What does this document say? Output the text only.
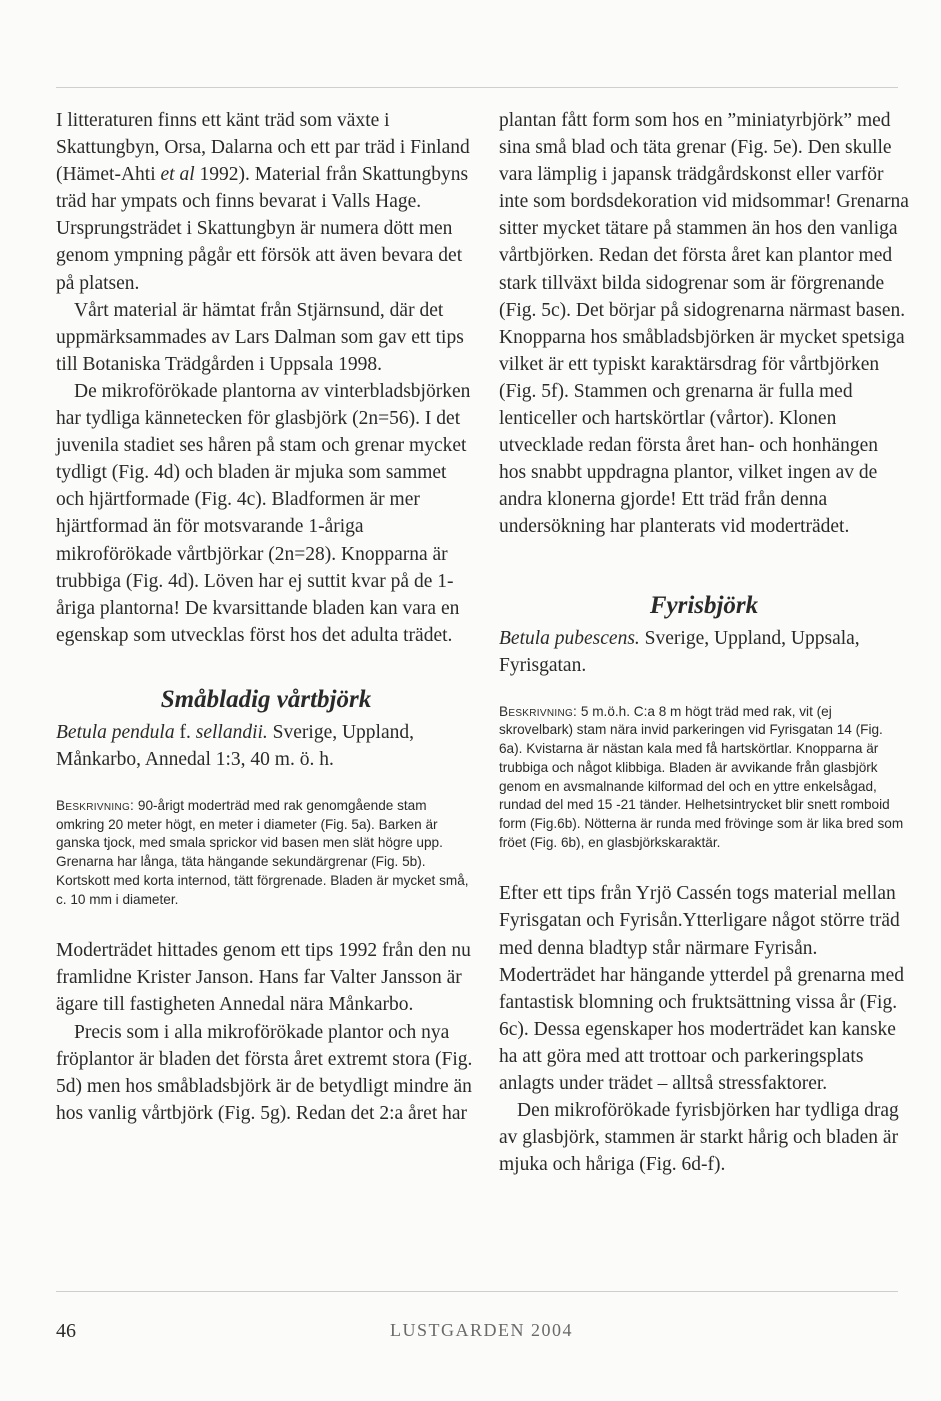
I litteraturen finns ett känt träd som växte i Skattungbyn, Orsa, Dalarna och ett par träd i Finland (Hämet-Ahti et al 1992). Material från Skattungbyns träd har ympats och finns bevarat i Valls Hage. Ursprungsträdet i Skattungbyn är numera dött men genom ympning pågår ett försök att även bevara det på platsen.

Vårt material är hämtat från Stjärnsund, där det uppmärksammades av Lars Dalman som gav ett tips till Botaniska Trädgården i Uppsala 1998.

De mikroförökade plantorna av vinterbladsbjörken har tydliga kännetecken för glasbjörk (2n=56). I det juvenila stadiet ses håren på stam och grenar mycket tydligt (Fig. 4d) och bladen är mjuka som sammet och hjärtformade (Fig. 4c). Bladformen är mer hjärtformad än för motsvarande 1-åriga mikroförökade vårtbjörkar (2n=28). Knopparna är trubbiga (Fig. 4d). Löven har ej suttit kvar på de 1-åriga plantorna! De kvarsittande bladen kan vara en egenskap som utvecklas först hos det adulta trädet.

Småbladig vårtbjörk

Betula pendula f. sellandii. Sverige, Uppland, Månkarbo, Annedal 1:3, 40 m. ö. h.

Beskrivning: 90-årigt moderträd med rak genomgående stam omkring 20 meter högt, en meter i diameter (Fig. 5a). Barken är ganska tjock, med smala sprickor vid basen men slät högre upp. Grenarna har långa, täta hängande sekundärgrenar (Fig. 5b). Kortskott med korta internod, tätt förgrenade. Bladen är mycket små, c. 10 mm i diameter.

Moderträdet hittades genom ett tips 1992 från den nu framlidne Krister Janson. Hans far Valter Jansson är ägare till fastigheten Annedal nära Månkarbo.

Precis som i alla mikroförökade plantor och nya fröplantor är bladen det första året extremt stora (Fig. 5d) men hos småbladsbjörk är de betydligt mindre än hos vanlig vårtbjörk (Fig. 5g). Redan det 2:a året har

plantan fått form som hos en ”miniatyrbjörk” med sina små blad och täta grenar (Fig. 5e). Den skulle vara lämplig i japansk trädgårdskonst eller varför inte som bordsdekoration vid midsommar! Grenarna sitter mycket tätare på stammen än hos den vanliga vårtbjörken. Redan det första året kan plantor med stark tillväxt bilda sidogrenar som är förgrenande (Fig. 5c). Det börjar på sidogrenarna närmast basen. Knopparna hos småbladsbjörken är mycket spetsiga vilket är ett typiskt karaktärsdrag för vårtbjörken (Fig. 5f). Stammen och grenarna är fulla med lenticeller och hartskörtlar (vårtor). Klonen utvecklade redan första året han- och honhängen hos snabbt uppdragna plantor, vilket ingen av de andra klonerna gjorde! Ett träd från denna undersökning har planterats vid moderträdet.

Fyrisbjörk

Betula pubescens. Sverige, Uppland, Uppsala, Fyrisgatan.

Beskrivning: 5 m.ö.h. C:a 8 m högt träd med rak, vit (ej skrovelbark) stam nära invid parkeringen vid Fyrisgatan 14 (Fig. 6a). Kvistarna är nästan kala med få hartskörtlar. Knopparna är trubbiga och något klibbiga. Bladen är avvikande från glasbjörk genom en avsmalnande kilformad del och en yttre enkelsågad, rundad del med 15 -21 tänder. Helhetsintrycket blir snett romboid form (Fig.6b). Nötterna är runda med frövinge som är lika bred som fröet (Fig. 6b), en glasbjörkskaraktär.

Efter ett tips från Yrjö Cassén togs material mellan Fyrisgatan och Fyrisån.Ytterligare något större träd med denna bladtyp står närmare Fyrisån. Moderträdet har hängande ytterdel på grenarna med fantastisk blomning och fruktsättning vissa år (Fig. 6c). Dessa egenskaper hos moderträdet kan kanske ha att göra med att trottoar och parkeringsplats anlagts under trädet – alltså stressfaktorer.

Den mikroförökade fyrisbjörken har tydliga drag av glasbjörk, stammen är starkt hårig och bladen är mjuka och håriga (Fig. 6d-f).

46	LUSTGARDEN 2004
